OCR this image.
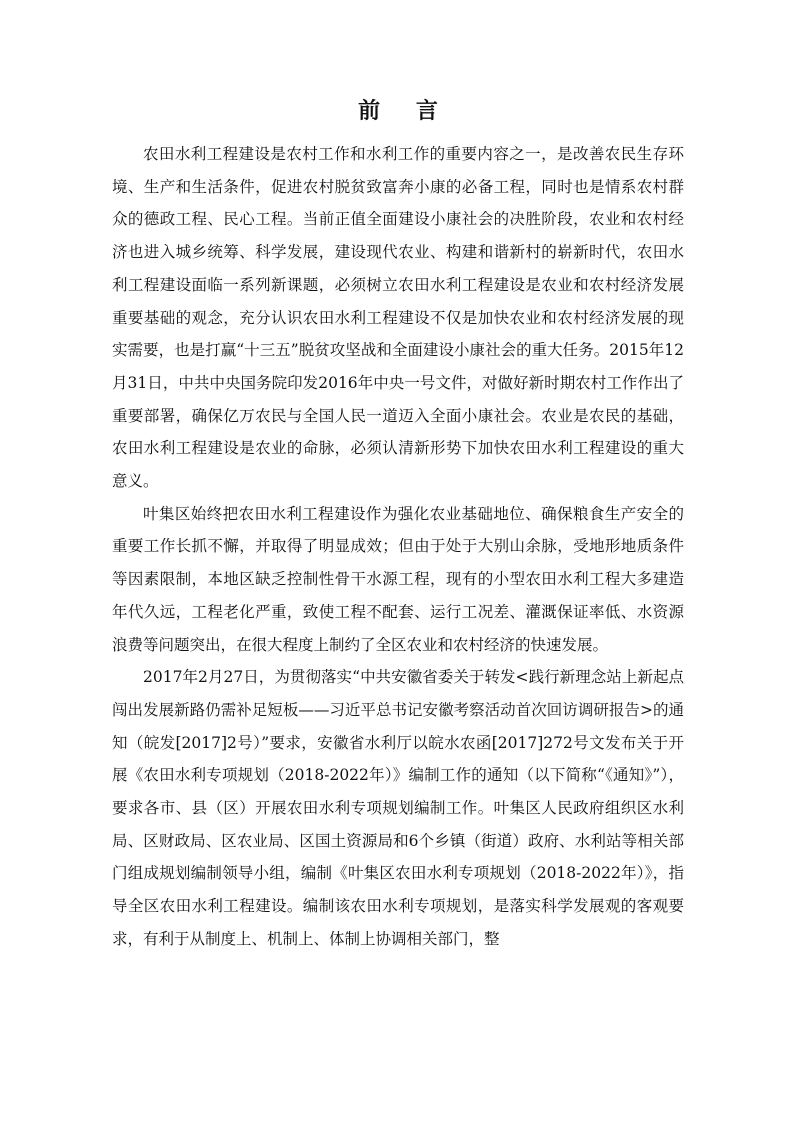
前 言

农田水利工程建设是农村工作和水利工作的重要内容之一，是改善农民生存环境、生产和生活条件，促进农村脱贫致富奔小康的必备工程，同时也是情系农村群众的德政工程、民心工程。当前正值全面建设小康社会的决胜阶段，农业和农村经济也进入城乡统筹、科学发展，建设现代农业、构建和谐新村的崭新时代，农田水利工程建设面临一系列新课题，必须树立农田水利工程建设是农业和农村经济发展重要基础的观念，充分认识农田水利工程建设不仅是加快农业和农村经济发展的现实需要，也是打赢“十三五”脱贫攻坚战和全面建设小康社会的重大任务。2015年12月31日，中共中央国务院印发2016年中央一号文件，对做好新时期农村工作作出了重要部署，确保亿万农民与全国人民一道迈入全面小康社会。农业是农民的基础，农田水利工程建设是农业的命脉，必须认清新形势下加快农田水利工程建设的重大意义。

叶集区始终把农田水利工程建设作为强化农业基础地位、确保粮食生产安全的重要工作长抓不懈，并取得了明显成效；但由于处于大别山余脉，受地形地质条件等因素限制，本地区缺乏控制性骨干水源工程，现有的小型农田水利工程大多建造年代久远，工程老化严重，致使工程不配套、运行工况差、灌溉保证率低、水资源浪费等问题突出，在很大程度上制约了全区农业和农村经济的快速发展。

2017年2月27日，为贯彻落实“中共安徽省委关于转发<践行新理念站上新起点闯出发展新路仍需补足短板——习近平总书记安徽考察活动首次回访调研报告>的通知（皖发[2017]2号）”要求，安徽省水利厅以皖水农函[2017]272号文发布关于开展《农田水利专项规划（2018-2022年）》编制工作的通知（以下简称“《通知》”），要求各市、县（区）开展农田水利专项规划编制工作。叶集区人民政府组织区水利局、区财政局、区农业局、区国土资源局和6个乡镇（街道）政府、水利站等相关部门组成规划编制领导小组，编制《叶集区农田水利专项规划（2018-2022年）》，指导全区农田水利工程建设。编制该农田水利专项规划，是落实科学发展观的客观要求，有利于从制度上、机制上、体制上协调相关部门，整
